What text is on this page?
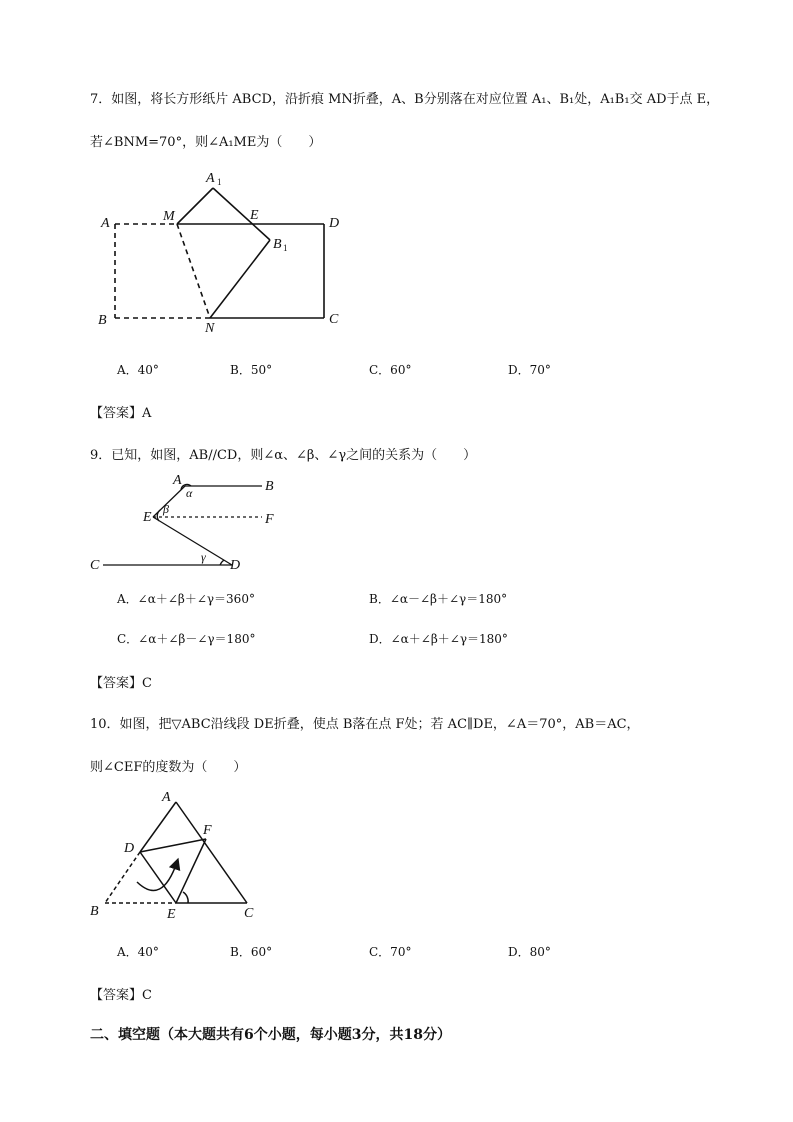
7．如图，将长方形纸片 ABCD，沿折痕 MN折叠，A、B分别落在对应位置 A₁、B₁处，A₁B₁交 AD于点 E，
若∠BNM=70°，则∠A₁ME为（　　）
A 1
M	E
D
A
B 1
B
N
C
A．40°	B．50°	C．60°	D．70°
【答案】A
9．已知，如图，AB//CD，则∠α、∠β、∠γ之间的关系为（　　）
A	B
E	F
C	D
α
β
γ
A．∠α＋∠β＋∠γ＝360°	B．∠α－∠β＋∠γ＝180°
C．∠α＋∠β－∠γ＝180°	D．∠α＋∠β＋∠γ＝180°
【答案】C
10．如图，把▽ABC沿线段 DE折叠，使点 B落在点 F处；若 AC∥DE，∠A＝70°，AB＝AC，
则∠CEF的度数为（　　）
A
F
D
B	E	C
A．40°	B．60°	C．70°	D．80°
【答案】C
二、填空题（本大题共有6个小题，每小题3分，共18分）
